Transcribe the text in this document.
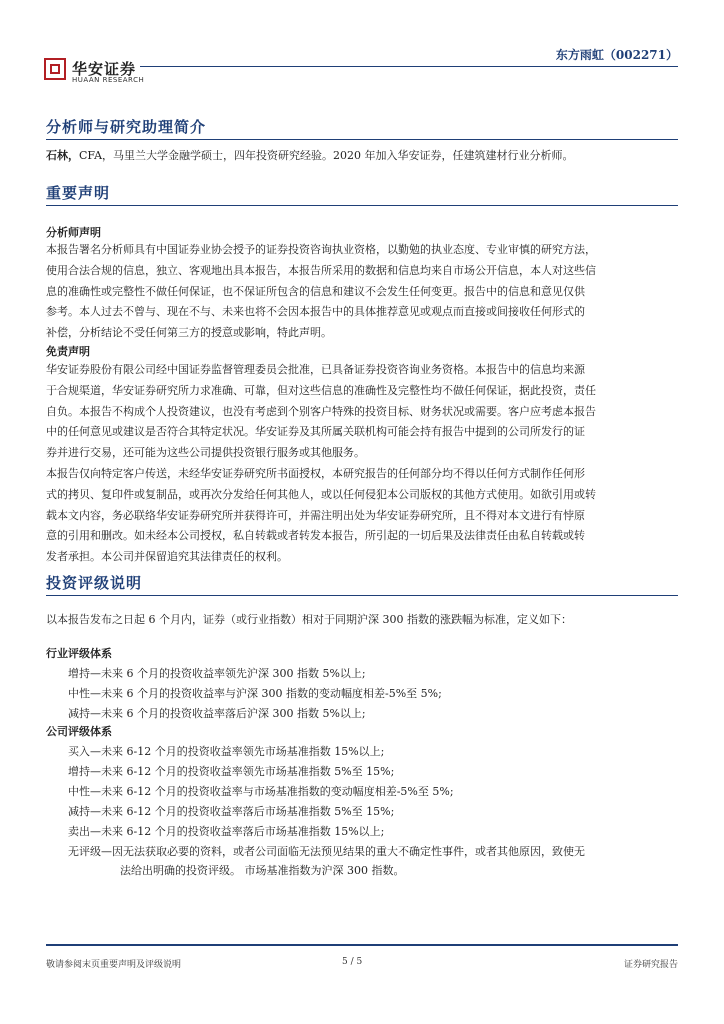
华安证券
HUAAN RESEARCH
东方雨虹（002271）
分析师与研究助理简介
石林，CFA，马里兰大学金融学硕士，四年投资研究经验。2020 年加入华安证券，任建筑建材行业分析师。
重要声明
分析师声明
本报告署名分析师具有中国证券业协会授予的证券投资咨询执业资格，以勤勉的执业态度、专业审慎的研究方法，
使用合法合规的信息，独立、客观地出具本报告，本报告所采用的数据和信息均来自市场公开信息，本人对这些信
息的准确性或完整性不做任何保证，也不保证所包含的信息和建议不会发生任何变更。报告中的信息和意见仅供
参考。本人过去不曾与、现在不与、未来也将不会因本报告中的具体推荐意见或观点而直接或间接收任何形式的
补偿，分析结论不受任何第三方的授意或影响，特此声明。
免责声明
华安证券股份有限公司经中国证券监督管理委员会批准，已具备证券投资咨询业务资格。本报告中的信息均来源
于合规渠道，华安证券研究所力求准确、可靠，但对这些信息的准确性及完整性均不做任何保证，据此投资，责任
自负。本报告不构成个人投资建议，也没有考虑到个别客户特殊的投资目标、财务状况或需要。客户应考虑本报告
中的任何意见或建议是否符合其特定状况。华安证券及其所属关联机构可能会持有报告中提到的公司所发行的证
券并进行交易，还可能为这些公司提供投资银行服务或其他服务。
本报告仅向特定客户传送，未经华安证券研究所书面授权，本研究报告的任何部分均不得以任何方式制作任何形
式的拷贝、复印件或复制品，或再次分发给任何其他人，或以任何侵犯本公司版权的其他方式使用。如欲引用或转
载本文内容，务必联络华安证券研究所并获得许可，并需注明出处为华安证券研究所，且不得对本文进行有悖原
意的引用和删改。如未经本公司授权，私自转载或者转发本报告，所引起的一切后果及法律责任由私自转载或转
发者承担。本公司并保留追究其法律责任的权利。
投资评级说明
以本报告发布之日起 6 个月内，证券（或行业指数）相对于同期沪深 300 指数的涨跌幅为标准，定义如下：
行业评级体系
增持—未来 6 个月的投资收益率领先沪深 300 指数 5%以上;
中性—未来 6 个月的投资收益率与沪深 300 指数的变动幅度相差-5%至 5%;
减持—未来 6 个月的投资收益率落后沪深 300 指数 5%以上;
公司评级体系
买入—未来 6-12 个月的投资收益率领先市场基准指数 15%以上;
增持—未来 6-12 个月的投资收益率领先市场基准指数 5%至 15%;
中性—未来 6-12 个月的投资收益率与市场基准指数的变动幅度相差-5%至 5%;
减持—未来 6-12 个月的投资收益率落后市场基准指数 5%至 15%;
卖出—未来 6-12 个月的投资收益率落后市场基准指数 15%以上;
无评级—因无法获取必要的资料，或者公司面临无法预见结果的重大不确定性事件，或者其他原因，致使无
法给出明确的投资评级。 市场基准指数为沪深 300 指数。
敬请参阅末页重要声明及评级说明	5 / 5	证券研究报告
